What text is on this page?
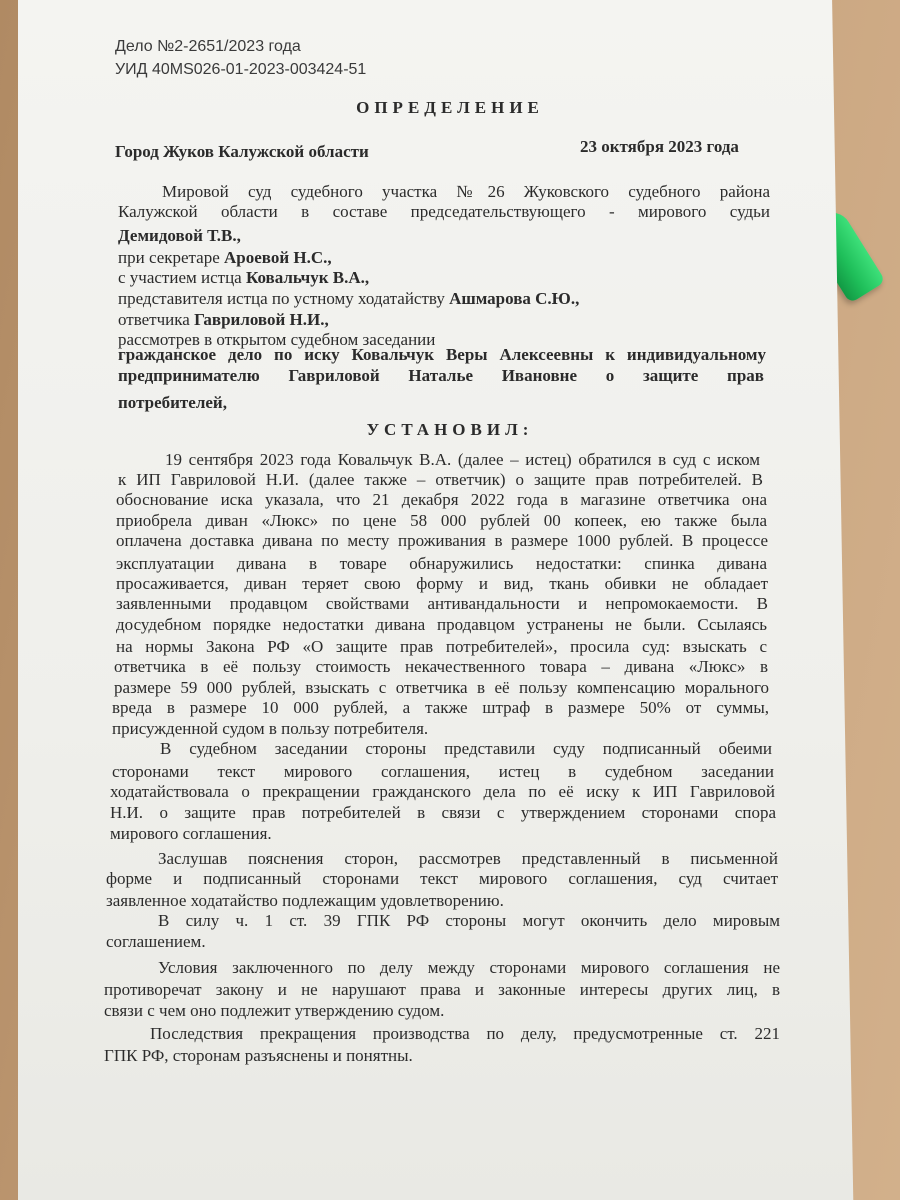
Дело №2-2651/2023 года
УИД 40MS026-01-2023-003424-51
ОПРЕДЕЛЕНИЕ
Город Жуков Калужской области	23 октября 2023 года
Мировой суд судебного участка №26 Жуковского судебного района
Калужской области в составе председательствующего - мирового судьи
Демидовой Т.В.,
при секретаре Ароевой Н.С.,
с участием истца Ковальчук В.А.,
представителя истца по устному ходатайству Ашмарова С.Ю.,
ответчика Гавриловой Н.И.,
рассмотрев в открытом судебном заседании
гражданское дело по иску Ковальчук Веры Алексеевны к индивидуальному
предпринимателю Гавриловой Наталье Ивановне о защите прав
потребителей,
УСТАНОВИЛ:
19 сентября 2023 года Ковальчук В.А. (далее – истец) обратился в суд с иском
к ИП Гавриловой Н.И. (далее также – ответчик) о защите прав потребителей. В
обоснование иска указала, что 21 декабря 2022 года в магазине ответчика она
приобрела диван «Люкс» по цене 58 000 рублей 00 копеек, ею также была
оплачена доставка дивана по месту проживания в размере 1000 рублей. В процессе
эксплуатации дивана в товаре обнаружились недостатки: спинка дивана
просаживается, диван теряет свою форму и вид, ткань обивки не обладает
заявленными продавцом свойствами антивандальности и непромокаемости. В
досудебном порядке недостатки дивана продавцом устранены не были. Ссылаясь
на нормы Закона РФ «О защите прав потребителей», просила суд: взыскать с
ответчика в её пользу стоимость некачественного товара – дивана «Люкс» в
размере 59 000 рублей, взыскать с ответчика в её пользу компенсацию морального
вреда в размере 10 000 рублей, а также штраф в размере 50% от суммы,
присужденной судом в пользу потребителя.
В судебном заседании стороны представили суду подписанный обеими
сторонами текст мирового соглашения, истец в судебном заседании
ходатайствовала о прекращении гражданского дела по её иску к ИП Гавриловой
Н.И. о защите прав потребителей в связи с утверждением сторонами спора
мирового соглашения.
Заслушав пояснения сторон, рассмотрев представленный в письменной
форме и подписанный сторонами текст мирового соглашения, суд считает
заявленное ходатайство подлежащим удовлетворению.
В силу ч. 1 ст. 39 ГПК РФ стороны могут окончить дело мировым
соглашением.
Условия заключенного по делу между сторонами мирового соглашения не
противоречат закону и не нарушают права и законные интересы других лиц, в
связи с чем оно подлежит утверждению судом.
Последствия прекращения производства по делу, предусмотренные ст. 221
ГПК РФ, сторонам разъяснены и понятны.
